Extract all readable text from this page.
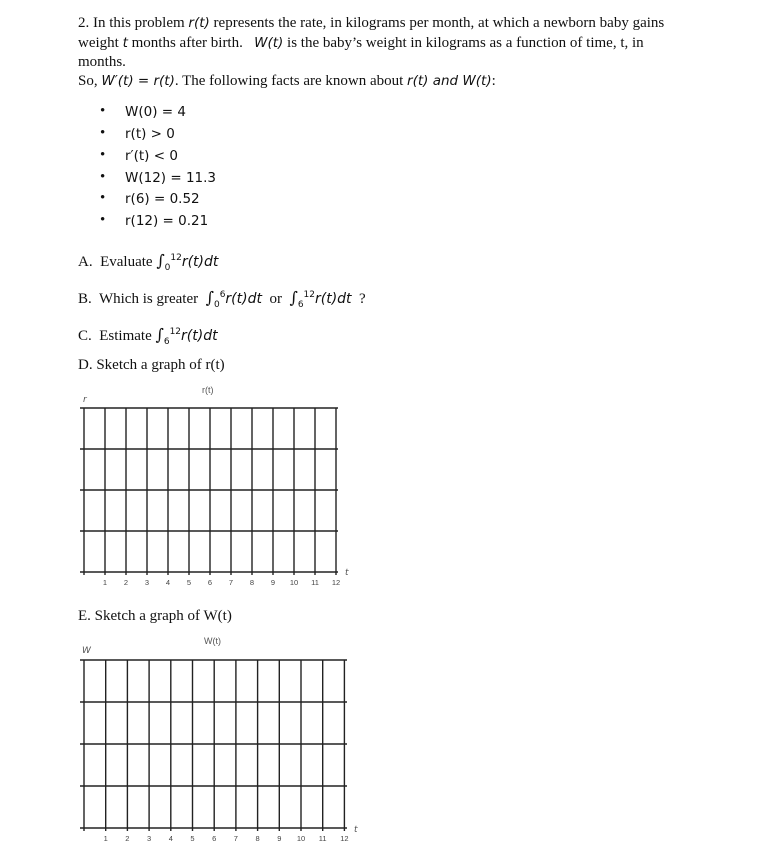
2. In this problem r(t) represents the rate, in kilograms per month, at which a newborn baby gains
weight t months after birth.   W(t) is the baby’s weight in kilograms as a function of time, t, in
months.
So, W′(t) = r(t). The following facts are known about r(t) and W(t):
• W(0) = 4
• r(t) > 0
• r′(t) < 0
• W(12) = 11.3
• r(6) = 0.52
• r(12) = 0.21
A.  Evaluate $\int_0^{12}r(t)dt$
B.  Which is greater  $\int_0^6r(t)dt$  or  $\int_6^{12}r(t)dt$  ?
C.  Estimate $\int_6^{12}r(t)dt$
D. Sketch a graph of r(t)
r(t)
r
t
1	2	3	4	5	6	7	8	9	10	11	12
E. Sketch a graph of W(t)
W(t)
W
t
1	2	3	4	5	6	7	8	9	10	11	12
